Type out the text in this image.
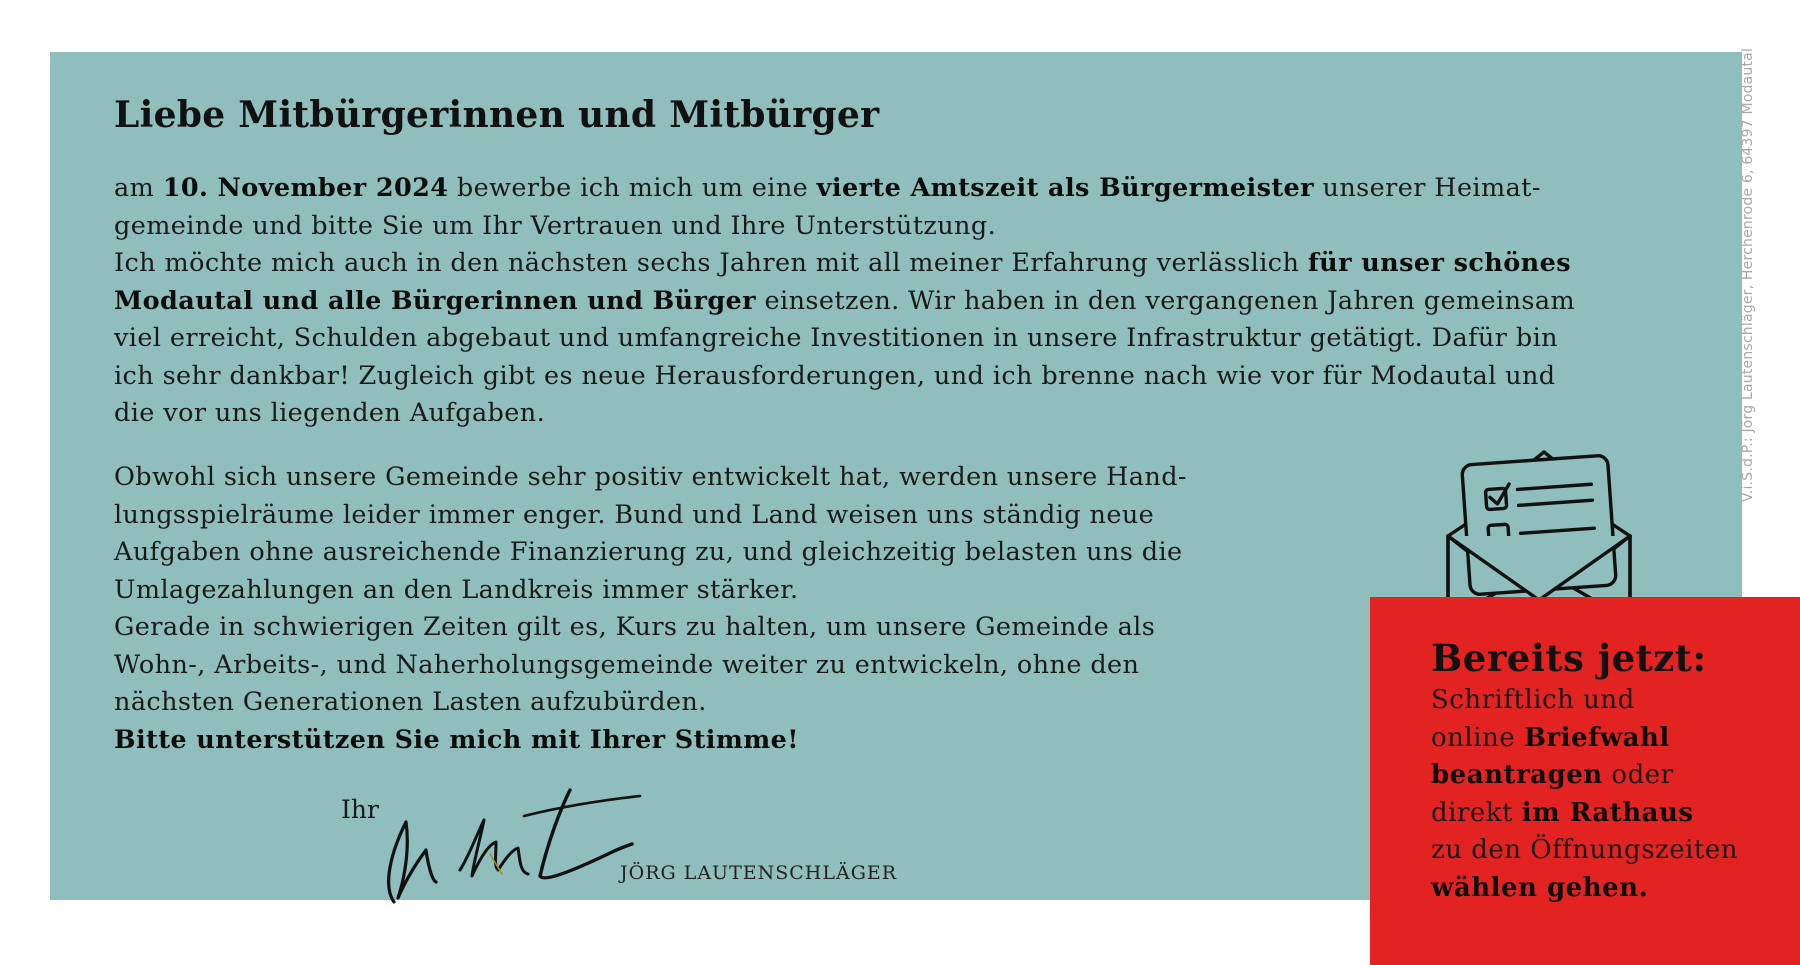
Liebe Mitbürgerinnen und Mitbürger

am 10. November 2024 bewerbe ich mich um eine vierte Amtszeit als Bürgermeister unserer Heimat-
gemeinde und bitte Sie um Ihr Vertrauen und Ihre Unterstützung.
Ich möchte mich auch in den nächsten sechs Jahren mit all meiner Erfahrung verlässlich für unser schönes
Modautal und alle Bürgerinnen und Bürger einsetzen. Wir haben in den vergangenen Jahren gemeinsam
viel erreicht, Schulden abgebaut und umfangreiche Investitionen in unsere Infrastruktur getätigt. Dafür bin
ich sehr dankbar! Zugleich gibt es neue Herausforderungen, und ich brenne nach wie vor für Modautal und
die vor uns liegenden Aufgaben.

Obwohl sich unsere Gemeinde sehr positiv entwickelt hat, werden unsere Hand-
lungsspielräume leider immer enger. Bund und Land weisen uns ständig neue
Aufgaben ohne ausreichende Finanzierung zu, und gleichzeitig belasten uns die
Umlagezahlungen an den Landkreis immer stärker.
Gerade in schwierigen Zeiten gilt es, Kurs zu halten, um unsere Gemeinde als
Wohn-, Arbeits-, und Naherholungsgemeinde weiter zu entwickeln, ohne den
nächsten Generationen Lasten aufzubürden.
Bitte unterstützen Sie mich mit Ihrer Stimme!

Ihr
JÖRG LAUTENSCHLÄGER
Bereits jetzt:

Schriftlich und
online Briefwahl
beantragen oder
direkt im Rathaus
zu den Öffnungszeiten
wählen gehen.

V.i.S.d.P.: Jörg Lautenschläger, Herchenrode 6, 64397 Modautal
